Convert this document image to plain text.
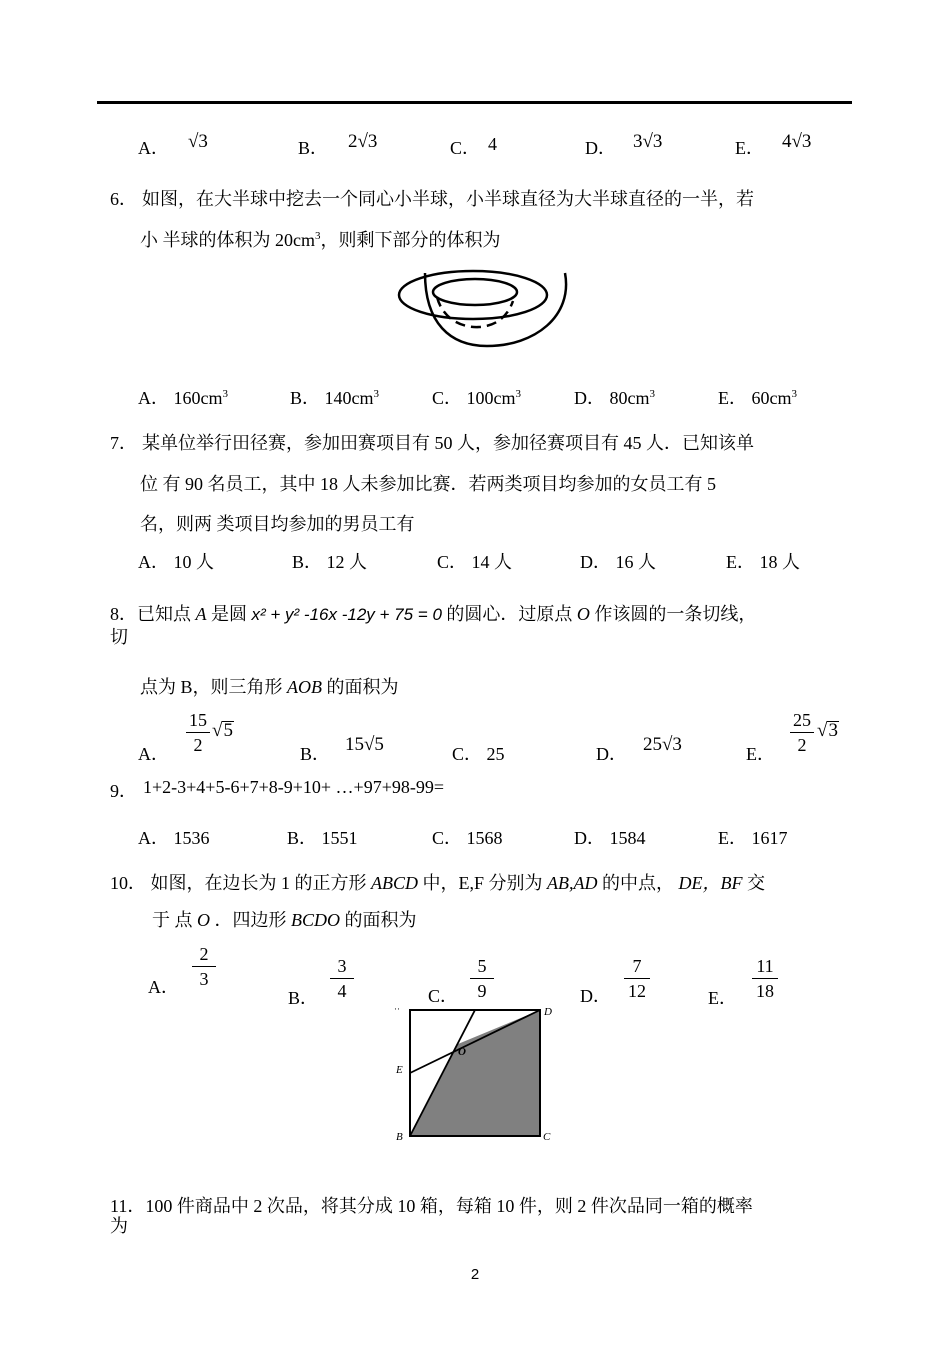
A． √3	B． 2√3	C． 4	D． 3√3	E． 4√3
6． 如图，在大半球中挖去一个同心小半球，小半球直径为大半球直径的一半，若
小 半球的体积为 $20cm^3$，则剩下部分的体积为
A． $160cm^3$	B． $140cm^3$	C． $100cm^3$	D． $80cm^3$	E． $60cm^3$
7． 某单位举行田径赛，参加田赛项目有 50 人，参加径赛项目有 45 人．已知该单
位 有 90 名员工，其中 18 人未参加比赛．若两类项目均参加的女员工有 5
名，则两 类项目均参加的男员工有
A． 10 人	B． 12 人	C． 14 人	D． 16 人	E． 18 人
8．已知点 A 是圆 x² + y² -16x -12y + 75 = 0 的圆心．过原点 O 作该圆的一条切线，
切
点为 B，则三角形 AOB 的面积为
A．
15
2
√5
B． 15√5	C． 25	D． 25√3	E．
25
2
√3
9． 1+2-3+4+5-6+7+8-9+10+ …+97+98-99=
A． 1536	B． 1551	C． 1568	D． 1584	E． 1617
10． 如图，在边长为 1 的正方形 ABCD 中，E,F 分别为 AB,AD 的中点， DE，BF 交
于 点 O ．四边形 BCDO 的面积为
A．
2
3
B．
3
4	C．
5
9	D．
7
12	E．
11
18
··	D
E
O
B	C
11．100 件商品中 2 次品，将其分成 10 箱，每箱 10 件，则 2 件次品同一箱的概率
为
2
